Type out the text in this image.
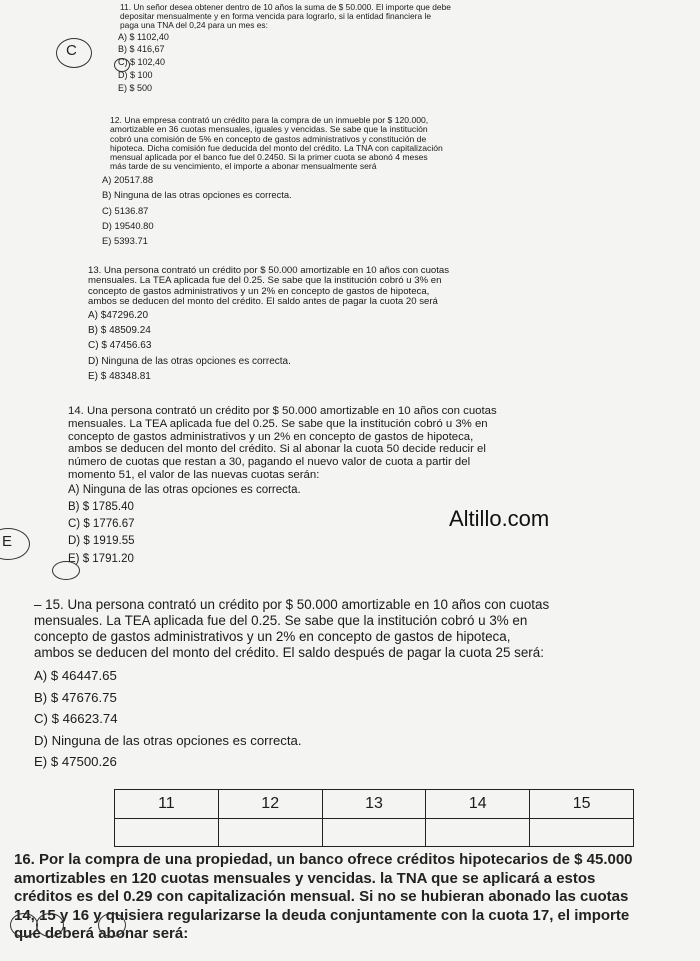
11. Un señor desea obtener dentro de 10 años la suma de $ 50.000. El importe que debe
depositar mensualmente y en forma vencida para lograrlo, si la entidad financiera le
paga una TNA del 0,24 para un mes es:

A) $ 1102,40

B) $ 416,67

C) $ 102,40

D) $ 100

E) $ 500

C

12. Una empresa contrató un crédito para la compra de un inmueble por $ 120.000,
amortizable en 36 cuotas mensuales, iguales y vencidas. Se sabe que la institución
cobró una comisión de 5% en concepto de gastos administrativos y constitución de
hipoteca. Dicha comisión fue deducida del monto del crédito. La TNA con capitalización
mensual aplicada por el banco fue del 0.2450. Si la primer cuota se abonó 4 meses
más tarde de su vencimiento, el importe a abonar mensualmente será

A) 20517.88

B) Ninguna de las otras opciones es correcta.

C) 5136.87

D) 19540.80

E) 5393.71

13. Una persona contrató un crédito por $ 50.000 amortizable en 10 años con cuotas
mensuales. La TEA aplicada fue del 0.25. Se sabe que la institución cobró u 3% en
concepto de gastos administrativos y un 2% en concepto de gastos de hipoteca,
ambos se deducen del monto del crédito. El saldo antes de pagar la cuota 20 será

A) $47296.20

B) $ 48509.24

C) $ 47456.63

D) Ninguna de las otras opciones es correcta.

E) $ 48348.81

14. Una persona contrató un crédito por $ 50.000 amortizable en 10 años con cuotas
mensuales. La TEA aplicada fue del 0.25. Se sabe que la institución cobró u 3% en
concepto de gastos administrativos y un 2% en concepto de gastos de hipoteca,
ambos se deducen del monto del crédito. Si al abonar la cuota 50 decide reducir el
número de cuotas que restan a 30, pagando el nuevo valor de cuota a partir del
momento 51, el valor de las nuevas cuotas serán:

A) Ninguna de las otras opciones es correcta.

B) $ 1785.40

C) $ 1776.67

D) $ 1919.55

E) $ 1791.20

E
Altillo.com

– 15. Una persona contrató un crédito por $ 50.000 amortizable en 10 años con cuotas
mensuales. La TEA aplicada fue del 0.25. Se sabe que la institución cobró u 3% en
concepto de gastos administrativos y un 2% en concepto de gastos de hipoteca,
ambos se deducen del monto del crédito. El saldo después de pagar la cuota 25 será:

A) $ 46447.65

B) $ 47676.75

C) $ 46623.74

D) Ninguna de las otras opciones es correcta.

E) $ 47500.26

11	12	13	14	15

16. Por la compra de una propiedad, un banco ofrece créditos hipotecarios de $ 45.000
amortizables en 120 cuotas mensuales y vencidas. la TNA que se aplicará a estos
créditos es del 0.29 con capitalización mensual. Si no se hubieran abonado las cuotas
14, 15 y 16 y quisiera regularizarse la deuda conjuntamente con la cuota 17, el importe
que deberá abonar será:
